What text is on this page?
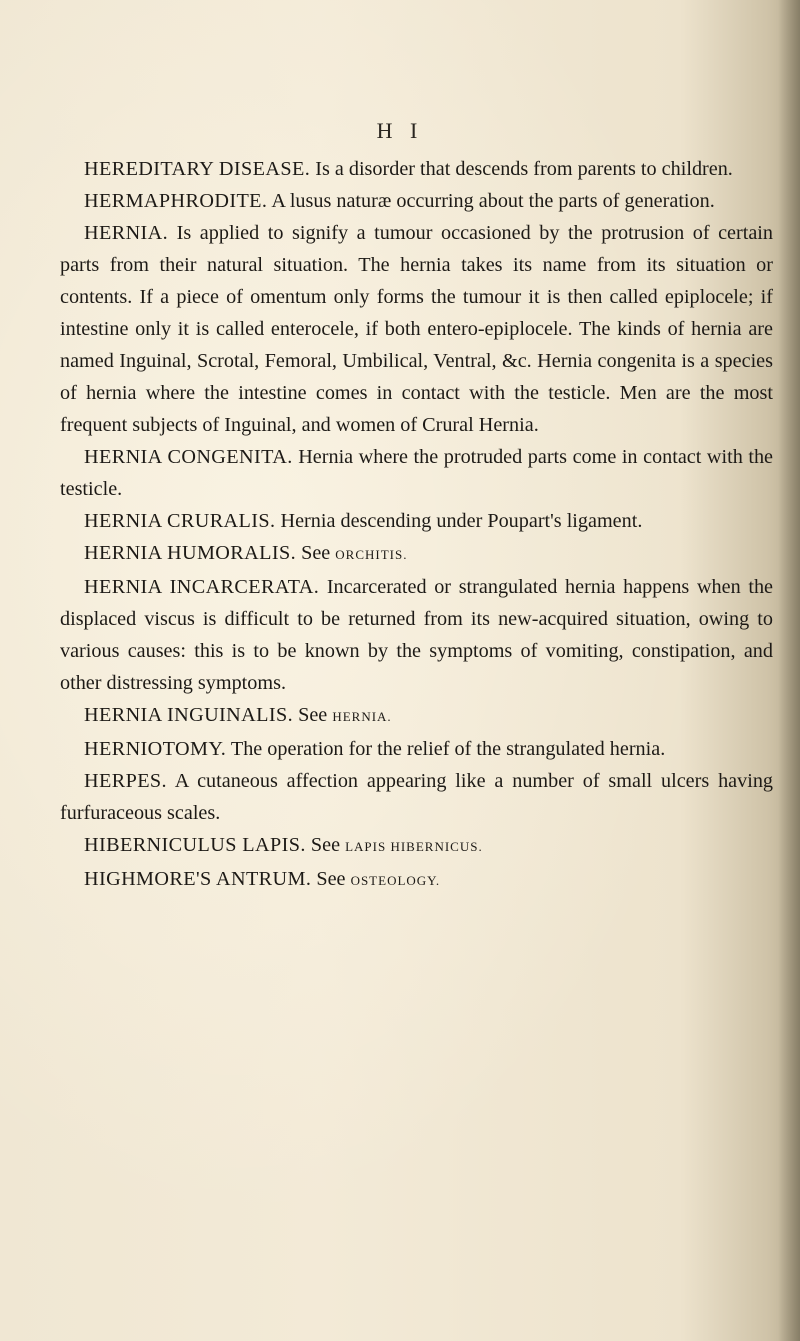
H I

HEREDITARY DISEASE. Is a disorder that descends from parents to children.

HERMAPHRODITE. A lusus naturæ occurring about the parts of generation.

HERNIA. Is applied to signify a tumour occasioned by the protrusion of certain parts from their natural situation. The hernia takes its name from its situation or contents. If a piece of omentum only forms the tumour it is then called epiplocele; if intestine only it is called enterocele, if both entero-epiplocele. The kinds of hernia are named Inguinal, Scrotal, Femoral, Umbilical, Ventral, &c. Hernia congenita is a species of hernia where the intestine comes in contact with the testicle. Men are the most frequent subjects of Inguinal, and women of Crural Hernia.

HERNIA CONGENITA. Hernia where the protruded parts come in contact with the testicle.

HERNIA CRURALIS. Hernia descending under Poupart's ligament.

HERNIA HUMORALIS. See ORCHITIS.

HERNIA INCARCERATA. Incarcerated or strangulated hernia happens when the displaced viscus is difficult to be returned from its new-acquired situation, owing to various causes: this is to be known by the symptoms of vomiting, constipation, and other distressing symptoms.

HERNIA INGUINALIS. See HERNIA.

HERNIOTOMY. The operation for the relief of the strangulated hernia.

HERPES. A cutaneous affection appearing like a number of small ulcers having furfuraceous scales.

HIBERNICULUS LAPIS. See LAPIS HIBERNICUS.

HIGHMORE'S ANTRUM. See OSTEOLOGY.
